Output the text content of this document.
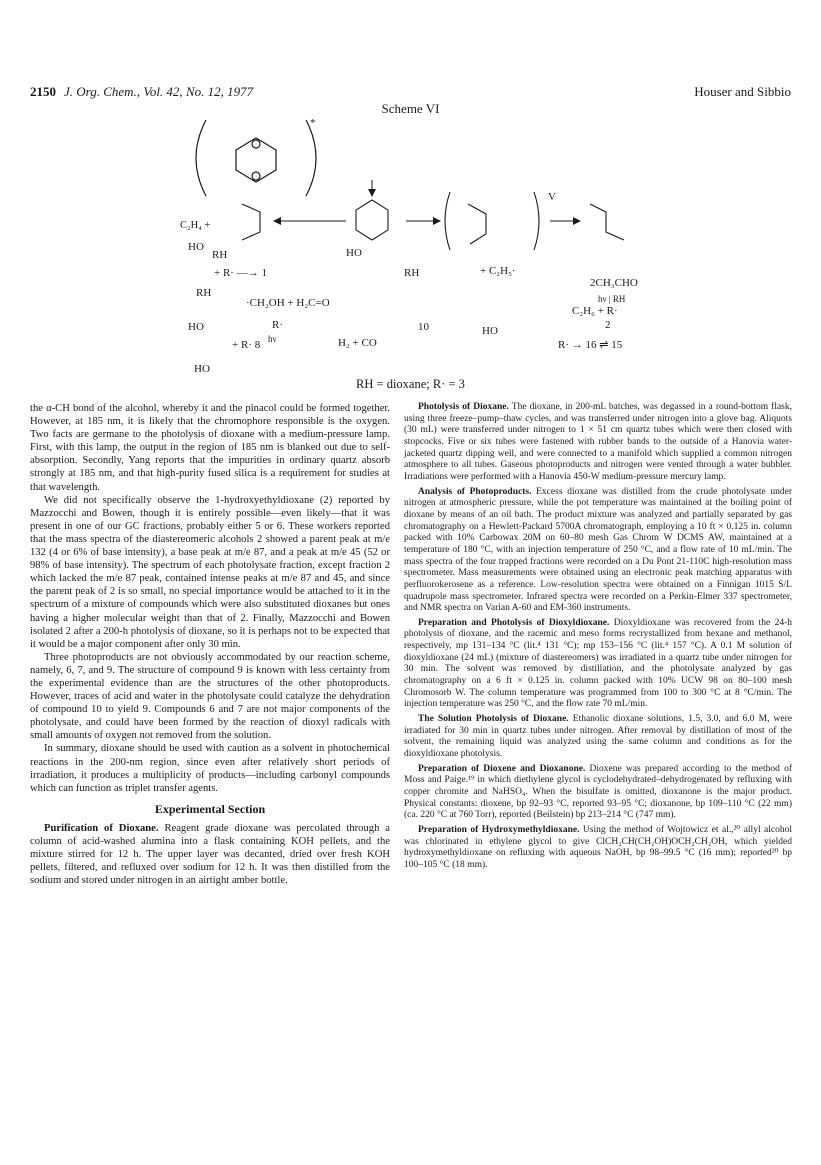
2150 J. Org. Chem., Vol. 42, No. 12, 1977	Houser and Sibbio
Scheme VI
*
C₂H₄ +
V
HO
RH
+ R· —→ 1
RH
·CH₂OH + H₂C=O
HO	R·
+ R· 8
HO
hν	H₂ + CO
10
HO
RH	+ C₂H₅·
2CH₃CHO
hν | RH
C₂H₆ + R·
2
R· → 16 ⇌ 15
HO
RH = dioxane; R· = 3

the α-CH bond of the alcohol, whereby it and the pinacol could be formed together. However, at 185 nm, it is likely that the chromophore responsible is the oxygen. Two facts are germane to the photolysis of dioxane with a medium-pressure lamp. First, with this lamp, the output in the region of 185 nm is blanked out due to self-absorption. Secondly, Yang reports that the impurities in ordinary quartz absorb strongly at 185 nm, and that high-purity fused silica is a requirement for studies at that wavelength.

We did not specifically observe the 1-hydroxyethyldioxane (2) reported by Mazzocchi and Bowen, though it is entirely possible—even likely—that it was present in one of our GC fractions, probably either 5 or 6. These workers reported that the mass spectra of the diastereomeric alcohols 2 showed a parent peak at m/e 132 (4 or 6% of base intensity), a base peak at m/e 87, and a peak at m/e 45 (52 or 98% of base intensity). The spectrum of each photolysate fraction, except fraction 2 which lacked the m/e 87 peak, contained intense peaks at m/e 87 and 45, and since the parent peak of 2 is so small, no special importance would be attached to it in the spectrum of a mixture of compounds which were also substituted dioxanes but ones having a higher molecular weight than that of 2. Finally, Mazzocchi and Bowen isolated 2 after a 200-h photolysis of dioxane, so it is perhaps not to be expected that it would be a major component after only 30 min.

Three photoproducts are not obviously accommodated by our reaction scheme, namely, 6, 7, and 9. The structure of compound 9 is known with less certainty from the experimental evidence than are the structures of the other photoproducts. However, traces of acid and water in the photolysate could catalyze the dehydration of compound 10 to yield 9. Compounds 6 and 7 are not major components of the photolysate, and could have been formed by the reaction of dioxyl radicals with small amounts of oxygen not removed from the solution.

In summary, dioxane should be used with caution as a solvent in photochemical reactions in the 200-nm region, since even after relatively short periods of irradiation, it produces a multiplicity of products—including carbonyl compounds which can function as triplet transfer agents.

Experimental Section

Purification of Dioxane. Reagent grade dioxane was percolated through a column of acid-washed alumina into a flask containing KOH pellets, and the mixture stirred for 12 h. The upper layer was decanted, dried over fresh KOH pellets, filtered, and refluxed over sodium for 12 h. It was then distilled from the sodium and stored under nitrogen in an airtight amber bottle.

Photolysis of Dioxane. The dioxane, in 200-mL batches, was degassed in a round-bottom flask, using three freeze–pump–thaw cycles, and was transferred under nitrogen into a glove bag. Aliquots (30 mL) were transferred under nitrogen to 1 × 51 cm quartz tubes which were then closed with stopcocks. Five or six tubes were fastened with rubber bands to the outside of a Hanovia water-jacketed quartz dipping well, and were connected to a manifold which supplied a common nitrogen atmosphere to all tubes. Gaseous photoproducts and nitrogen were vented through a water bubbler. Irradiations were performed with a Hanovia 450-W medium-pressure mercury lamp.

Analysis of Photoproducts. Excess dioxane was distilled from the crude photolysate under nitrogen at atmospheric pressure, while the pot temperature was maintained at the boiling point of dioxane by means of an oil bath. The product mixture was analyzed and partially separated by gas chromatography on a Hewlett-Packard 5700A chromatograph, employing a 10 ft × 0.125 in. column packed with 10% Carbowax 20M on 60–80 mesh Gas Chrom W DCMS AW, maintained at a temperature of 180 °C, with an injection temperature of 250 °C, and a flow rate of 10 mL/min. The mass spectra of the four trapped fractions were recorded on a Du Pont 21-110C high-resolution mass spectrometer. Mass measurements were obtained using an electronic peak matching apparatus with perfluorokerosene as a reference. Low-resolution spectra were obtained on a Finnigan 1015 S/L quadrupole mass spectrometer. Infrared spectra were recorded on a Perkin-Elmer 337 spectrometer, and NMR spectra on Varian A-60 and EM-360 instruments.

Preparation and Photolysis of Dioxyldioxane. Dioxyldioxane was recovered from the 24-h photolysis of dioxane, and the racemic and meso forms recrystallized from hexane and methanol, respectively, mp 131–134 °C (lit.⁴ 131 °C); mp 153–156 °C (lit.⁴ 157 °C). A 0.1 M solution of dioxyldioxane (24 mL) (mixture of diastereomers) was irradiated in a quartz tube under nitrogen for 30 min. The solvent was removed by distillation, and the photolysate analyzed by gas chromatography on a 6 ft × 0.125 in. column packed with 10% UCW 98 on 80–100 mesh Chromosorb W. The column temperature was programmed from 100 to 300 °C at 8 °C/min. The injection temperature was 250 °C, and the flow rate 70 mL/min.

The Solution Photolysis of Dioxane. Ethanolic dioxane solutions, 1.5, 3.0, and 6.0 M, were irradiated for 30 min in quartz tubes under nitrogen. After removal by distillation of most of the solvent, the remaining liquid was analyzed using the same column and conditions as for the dioxyldioxane photolysis.

Preparation of Dioxene and Dioxanone. Dioxene was prepared according to the method of Moss and Paige.¹⁹ in which diethylene glycol is cyclodehydrated–dehydrogenated by refluxing with copper chromite and NaHSO₄. When the bisulfate is omitted, dioxanone is the major product. Physical constants: dioxene, bp 92–93 °C, reported 93–95 °C; dioxanone, bp 109–110 °C (22 mm) (ca. 220 °C at 760 Torr), reported (Beilstein) bp 213–214 °C (747 mm).

Preparation of Hydroxymethyldioxane. Using the method of Wojtowicz et al.,²⁰ allyl alcohol was chlorinated in ethylene glycol to give ClCH₂CH(CH₂OH)OCH₂CH₂OH, which yielded hydroxymethyldioxane on refluxing with aqueous NaOH, bp 98–99.5 °C (16 mm); reported²⁰ bp 100–105 °C (18 mm).
